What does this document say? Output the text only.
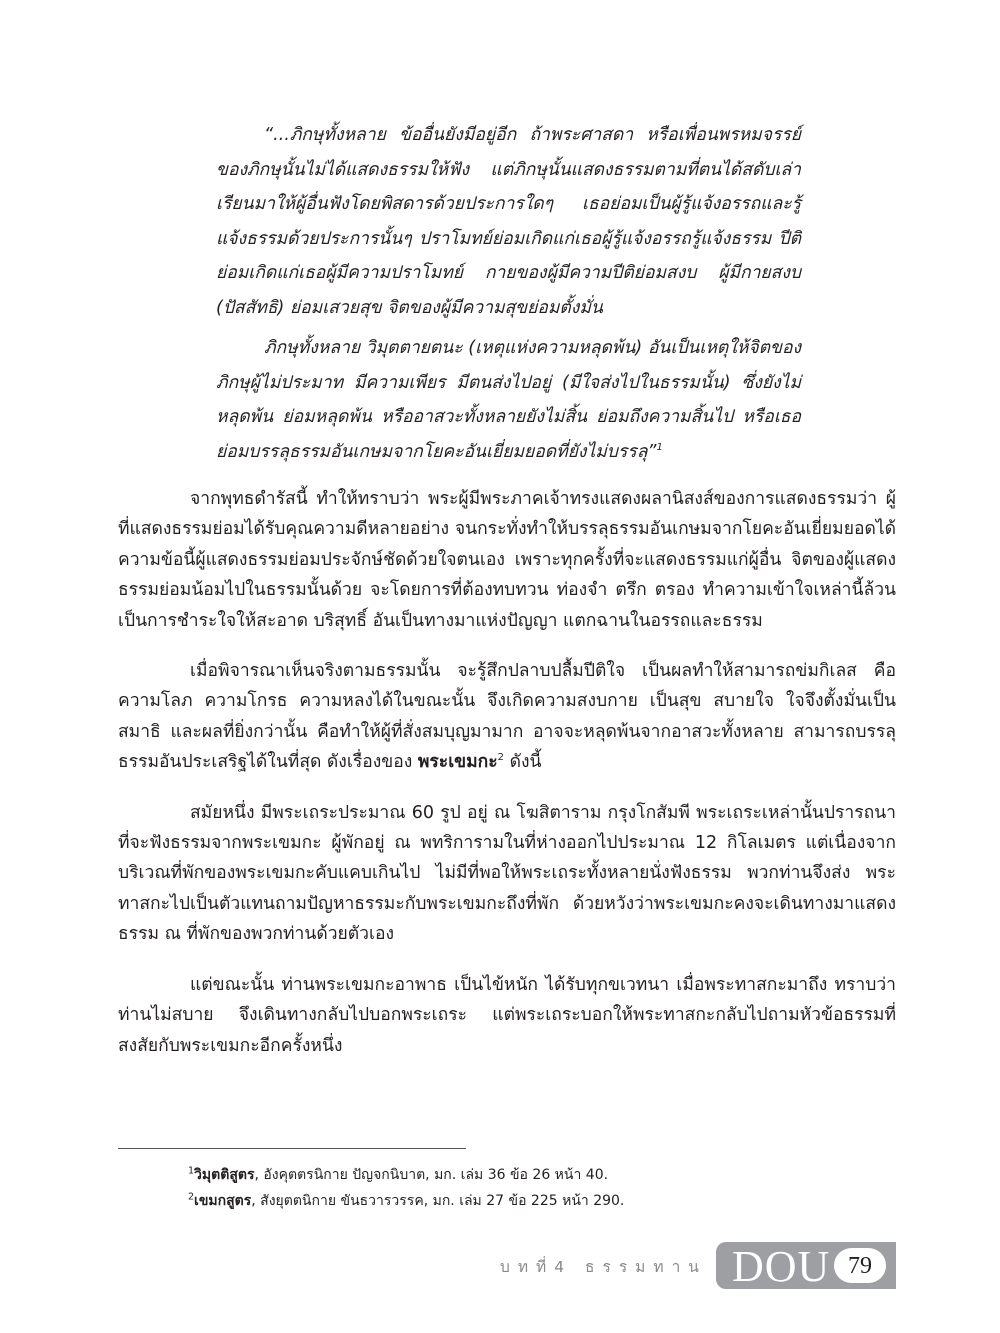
“...ภิกษุทั้งหลาย ข้ออื่นยังมีอยู่อีก ถ้าพระศาสดา หรือเพื่อนพรหมจรรย์ของภิกษุนั้นไม่ได้แสดงธรรมให้ฟัง แต่ภิกษุนั้นแสดงธรรมตามที่ตนได้สดับเล่าเรียนมาให้ผู้อื่นฟังโดยพิสดารด้วยประการใดๆ เธอย่อมเป็นผู้รู้แจ้งอรรถและรู้แจ้งธรรมด้วยประการนั้นๆ ปราโมทย์ย่อมเกิดแก่เธอผู้รู้แจ้งอรรถรู้แจ้งธรรม ปีติย่อมเกิดแก่เธอผู้มีความปราโมทย์ กายของผู้มีความปีติย่อมสงบ ผู้มีกายสงบ (ปัสสัทธิ) ย่อมเสวยสุข จิตของผู้มีความสุขย่อมตั้งมั่น

ภิกษุทั้งหลาย วิมุตตายตนะ (เหตุแห่งความหลุดพ้น) อันเป็นเหตุให้จิตของภิกษุผู้ไม่ประมาท มีความเพียร มีตนส่งไปอยู่ (มีใจส่งไปในธรรมนั้น) ซึ่งยังไม่หลุดพ้น ย่อมหลุดพ้น หรืออาสวะทั้งหลายยังไม่สิ้น ย่อมถึงความสิ้นไป หรือเธอย่อมบรรลุธรรมอันเกษมจากโยคะอันเยี่ยมยอดที่ยังไม่บรรลุ”$^1$

จากพุทธดำรัสนี้ ทำให้ทราบว่า พระผู้มีพระภาคเจ้าทรงแสดงผลานิสงส์ของการแสดงธรรมว่า ผู้ที่แสดงธรรมย่อมได้รับคุณความดีหลายอย่าง จนกระทั่งทำให้บรรลุธรรมอันเกษมจากโยคะอันเยี่ยมยอดได้ ความข้อนี้ผู้แสดงธรรมย่อมประจักษ์ชัดด้วยใจตนเอง เพราะทุกครั้งที่จะแสดงธรรมแก่ผู้อื่น จิตของผู้แสดงธรรมย่อมน้อมไปในธรรมนั้นด้วย จะโดยการที่ต้องทบทวน ท่องจำ ตรึก ตรอง ทำความเข้าใจเหล่านี้ล้วนเป็นการชำระใจให้สะอาด บริสุทธิ์ อันเป็นทางมาแห่งปัญญา แตกฉานในอรรถและธรรม

เมื่อพิจารณาเห็นจริงตามธรรมนั้น จะรู้สึกปลาบปลื้มปีติใจ เป็นผลทำให้สามารถข่มกิเลส คือความโลภ ความโกรธ ความหลงได้ในขณะนั้น จึงเกิดความสงบกาย เป็นสุข สบายใจ ใจจึงตั้งมั่นเป็นสมาธิ และผลที่ยิ่งกว่านั้น คือทำให้ผู้ที่สั่งสมบุญมามาก อาจจะหลุดพ้นจากอาสวะทั้งหลาย สามารถบรรลุธรรมอันประเสริฐได้ในที่สุด ดังเรื่องของ พระเขมกะ$^2$ ดังนี้

สมัยหนึ่ง มีพระเถระประมาณ 60 รูป อยู่ ณ โฆสิตาราม กรุงโกสัมพี พระเถระเหล่านั้นปรารถนาที่จะฟังธรรมจากพระเขมกะ ผู้พักอยู่ ณ พทริการามในที่ห่างออกไปประมาณ 12 กิโลเมตร แต่เนื่องจากบริเวณที่พักของพระเขมกะคับแคบเกินไป ไม่มีที่พอให้พระเถระทั้งหลายนั่งฟังธรรม พวกท่านจึงส่ง พระทาสกะไปเป็นตัวแทนถามปัญหาธรรมะกับพระเขมกะถึงที่พัก ด้วยหวังว่าพระเขมกะคงจะเดินทางมาแสดงธรรม ณ ที่พักของพวกท่านด้วยตัวเอง

แต่ขณะนั้น ท่านพระเขมกะอาพาธ เป็นไข้หนัก ได้รับทุกขเวทนา เมื่อพระทาสกะมาถึง ทราบว่าท่านไม่สบาย จึงเดินทางกลับไปบอกพระเถระ แต่พระเถระบอกให้พระทาสกะกลับไปถามหัวข้อธรรมที่สงสัยกับพระเขมกะอีกครั้งหนึ่ง

$^1$วิมุตติสูตร, อังคุตตรนิกาย ปัญจกนิบาต, มก. เล่ม 36 ข้อ 26 หน้า 40.
$^2$เขมกสูตร, สังยุตตนิกาย ขันธวารวรรค, มก. เล่ม 27 ข้อ 225 หน้า 290.
บทที่4 ธรรมทาน DOU 79
